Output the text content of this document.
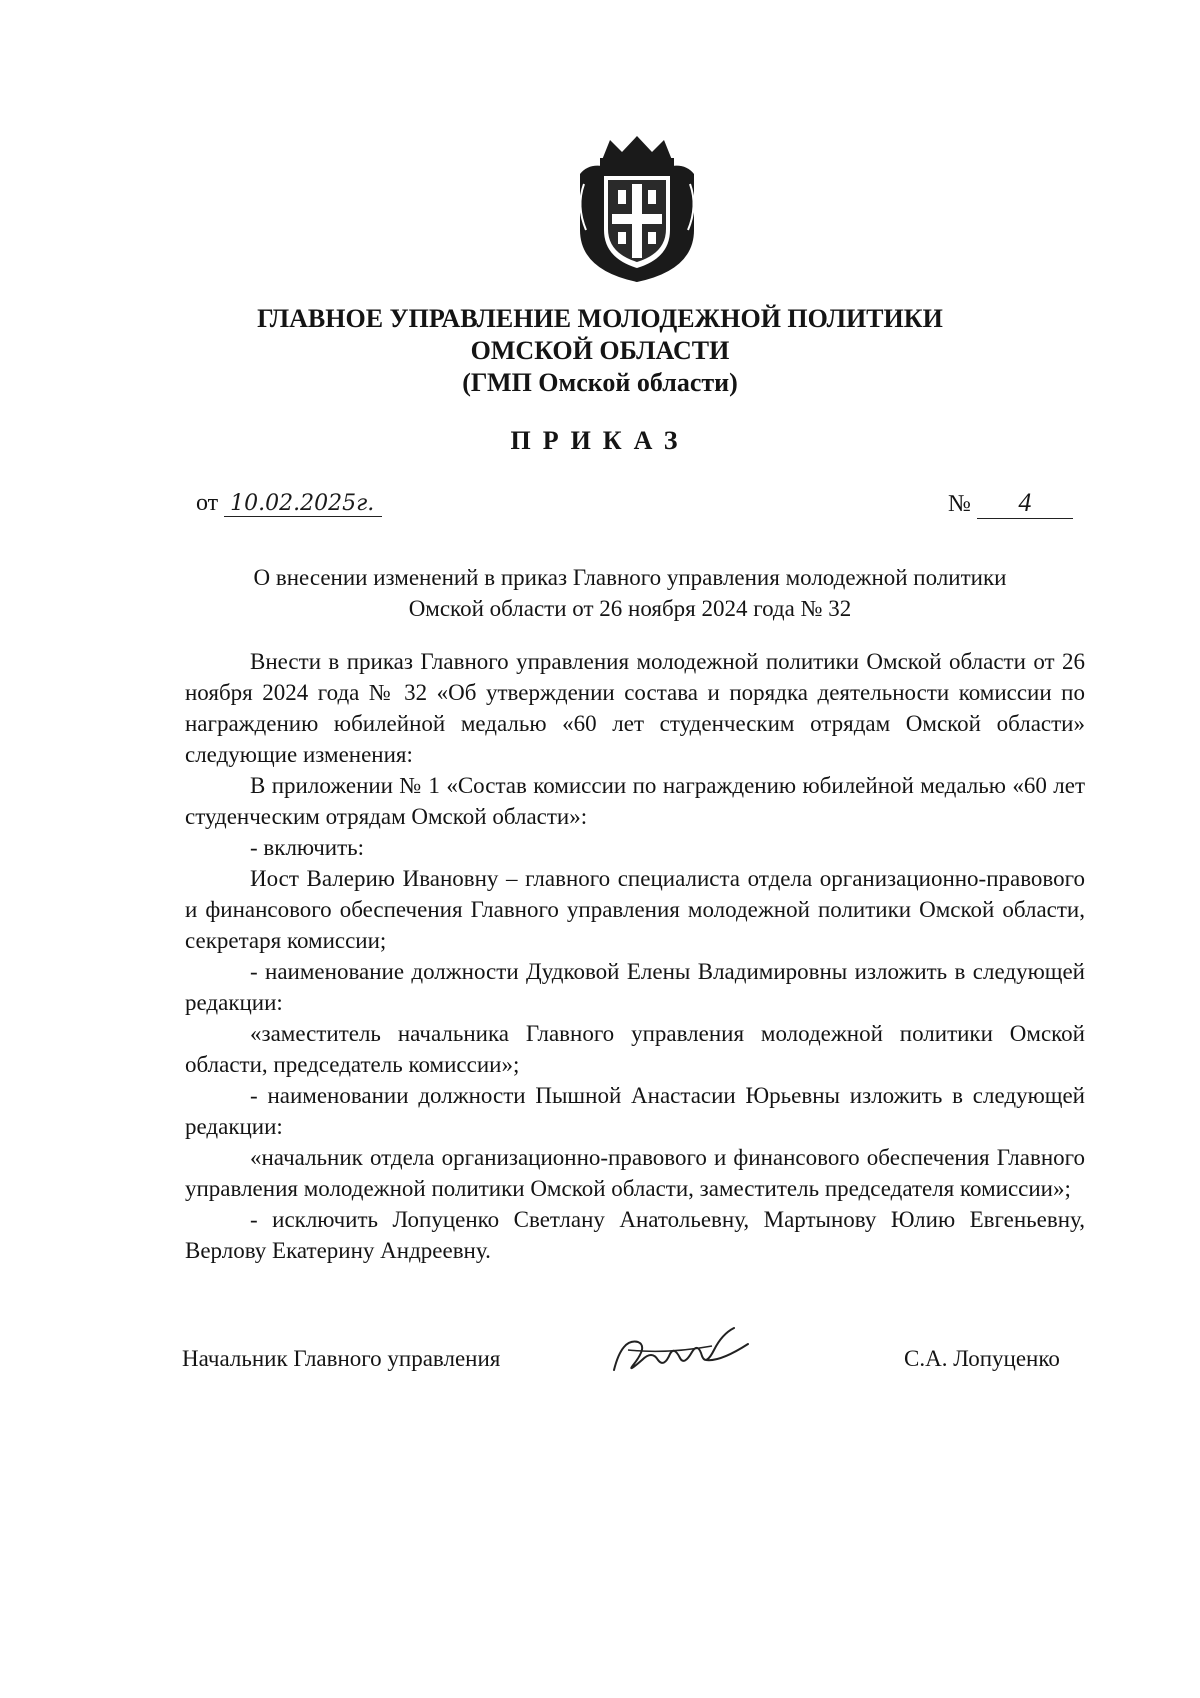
ГЛАВНОЕ УПРАВЛЕНИЕ МОЛОДЕЖНОЙ ПОЛИТИКИ
ОМСКОЙ ОБЛАСТИ
(ГМП Омской области)
ПРИКАЗ
от 10.02.2025г.	№ 4
О внесении изменений в приказ Главного управления молодежной политики
Омской области от 26 ноября 2024 года № 32

Внести в приказ Главного управления молодежной политики Омской области от 26 ноября 2024 года № 32 «Об утверждении состава и порядка деятельности комиссии по награждению юбилейной медалью «60 лет студенческим отрядам Омской области» следующие изменения:

В приложении № 1 «Состав комиссии по награждению юбилейной медалью «60 лет студенческим отрядам Омской области»:

- включить:

Иост Валерию Ивановну – главного специалиста отдела организационно-правового и финансового обеспечения Главного управления молодежной политики Омской области, секретаря комиссии;

- наименование должности Дудковой Елены Владимировны изложить в следующей редакции:

«заместитель начальника Главного управления молодежной политики Омской области, председатель комиссии»;

- наименовании должности Пышной Анастасии Юрьевны изложить в следующей редакции:

«начальник отдела организационно-правового и финансового обеспечения Главного управления молодежной политики Омской области, заместитель председателя комиссии»;

- исключить Лопуценко Светлану Анатольевну, Мартынову Юлию Евгеньевну, Верлову Екатерину Андреевну.

Начальник Главного управления	С.А. Лопуценко
